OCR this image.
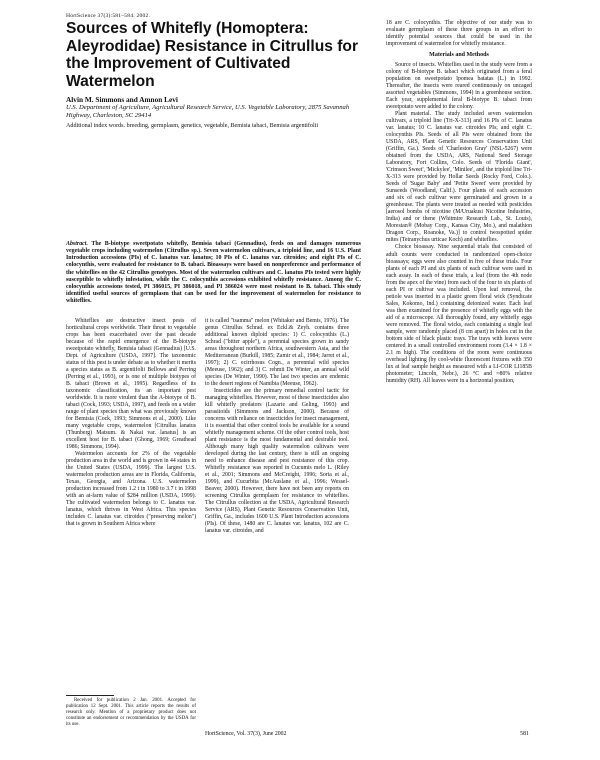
HortScience 37(3):581–584. 2002.
Sources of Whitefly (Homoptera: Aleyrodidae) Resistance in Citrullus for the Improvement of Cultivated Watermelon
Alvin M. Simmons and Amnon Levi
U.S. Department of Agriculture, Agricultural Research Service, U.S. Vegetable Laboratory, 2875 Savannah Highway, Charleston, SC 29414
Additional index words. breeding, germplasm, genetics, vegetable, Bemisia tabaci, Bemisia argentifolii
Abstract. The B-biotype sweetpotato whitefly, Bemisia tabaci (Gennadius), feeds on and damages numerous vegetable crops including watermelon (Citrullus sp.). Seven watermelon cultivars, a triploid line, and 16 U.S. Plant Introduction accessions (PIs) of C. lanatus var. lanatus; 10 PIs of C. lanatus var. citroides; and eight PIs of C. colocynthis, were evaluated for resistance to B. tabaci. Bioassays were based on nonpreference and performance of the whiteflies on the 42 Citrullus genotypes. Most of the watermelon cultivars and C. lanatus PIs tested were highly susceptible to whitefly infestation, while the C. colocynthis accessions exhibited whitefly resistance. Among the C. colocynthis accessions tested, PI 386015, PI 386018, and PI 386024 were most resistant to B. tabaci. This study identified useful sources of germplasm that can be used for the improvement of watermelon for resistance to whiteflies.

Whiteflies are destructive insect pests of horticultural crops worldwide. Their threat to vegetable crops has been exacerbated over the past decade because of the rapid emergence of the B-biotype sweetpotato whitefly, Bemisia tabaci (Gennadius) [U.S. Dept. of Agriculture (USDA, 1997]. The taxonomic status of this pest is under debate as to whether it merits a species status as B. argentifolii Bellows and Perring (Perring et al., 1993), or is one of multiple biotypes of B. tabaci (Brown et al., 1995). Regardless of its taxonomic classification, its an important pest worldwide. It is more virulent than the A-biotype of B. tabaci (Cock, 1993; USDA, 1997), and feeds on a wider range of plant species than what was previously known for Bemisia (Cock, 1993; Simmons et al., 2000). Like many vegetable crops, watermelon [Citrullus lanatus (Thunberg) Matsum. & Nakai var. lanatus] is an excellent host for B. tabaci (Ghong, 1969; Greathead 1986; Simmons, 1994).

Watermelon accounts for 2% of the vegetable production area in the world and is grown in 44 states in the United States (USDA, 1999). The largest U.S. watermelon production areas are in Florida, California, Texas, Georgia, and Arizona. U.S. watermelon production increased from 1.2 t in 1980 to 3.7 t in 1998 with an at-farm value of $284 million (USDA, 1999). The cultivated watermelon belongs to C. lanatus var. lanatus, which thrives in West Africa. This species includes C. lanatus var. citroides ("preserving melon") that is grown in Southern Africa where

Received for publication 2 Jan. 2001. Accepted for publication 12 Sept. 2001. This article reports the results of research only. Mention of a proprietary product does not constitute an endorsement or recommendation by the USDA for its use.

it is called "tsamma" melon (Whitaker and Bemis, 1976). The genus Citrullus Schrad. ex Eckl.& Zeyh. contains three additional known diploid species: 1) C. colocynthis (L.) Schrad ("bitter apple"), a perennial species grown in sandy areas throughout northern Africa, southwestern Asia, and the Mediterranean (Burkill, 1985; Zamir et al., 1984; Jarret et al., 1997); 2) C. ecirrhosus Cogn., a perennial wild species (Meeuse, 1962); and 3) C. rehmii De Winter, an annual wild species (De Winter, 1990). The last two species are endemic to the desert regions of Namibia (Meeuse, 1962).

Insecticides are the primary remedial control tactic for managing whiteflies. However, most of these insecticides also kill whitefly predators (Lazarie and Geling, 1993) and parasitoids (Simmons and Jackson, 2000). Because of concerns with reliance on insecticides for insect management, it is essential that other control tools be available for a sound whitefly management scheme. Of the other control tools, host plant resistance is the most fundamental and desirable tool. Although many high quality watermelon cultivars were developed during the last century, there is still an ongoing need to enhance disease and pest resistance of this crop. Whitefly resistance was reported in Cucumis melo L. (Riley et al., 2001; Simmons and McCreight, 1996; Soria et al., 1999), and Cucurbita (McAuslane et al., 1996; Wessel-Beaver, 2000). However, there have not been any reports on screening Citrullus germplasm for resistance to whiteflies. The Citrullus collection at the USDA, Agricultural Research Service (ARS), Plant Genetic Resources Conservation Unit, Griffin, Ga., includes 1600 U.S. Plant Introduction accessions (PIs). Of these, 1480 are C. lanatus var. lanatus, 102 are C. lanatus var. citroides, and

18 are C. colocynthis. The objective of our study was to evaluate germplasm of these three groups in an effort to identify potential sources that could be used in the improvement of watermelon for whitefly resistance.

Materials and Methods

Source of insects. Whiteflies used in the study were from a colony of B-biotype B. tabaci which originated from a feral population on sweetpotato Ipomea batatas (L.) in 1992. Thereafter, the insects were reared continuously on uncaged assorted vegetables (Simmons, 1994) in a greenhouse section. Each year, supplemental feral B-biotype B. tabaci from sweetpotato were added to the colony.

Plant material. The study included seven watermelon cultivars, a triploid line (Tri-X-313) and 16 PIs of C. lanatus var. lanatus; 10 C. lanatus var. citroides PIs; and eight C. colocynthis PIs. Seeds of all PIs were obtained from the USDA, ARS, Plant Genetic Resources Conservation Unit (Griffin, Ga.). Seeds of 'Charleston Gray' (NSL-5267) were obtained from the USDA, ARS, National Seed Storage Laboratory, Fort Collins, Colo. Seeds of 'Florida Giant', 'Crimson Sweet', 'Mickylee', 'Minilee', and the triploid line Tri-X-313 were provided by Hollar Seeds (Rocky Ford, Colo.). Seeds of 'Sugar Baby' and 'Petite Sweet' were provided by Sunseeds (Woodland, Calif.). Four plants of each accession and six of each cultivar were germinated and grown in a greenhouse. The plants were treated as needed with pesticides [aerosol bombs of nicotine (M/Uruakusi Nicotine Industries, India) and or thene (Whitmire Research Lab., St. Louis), Morestan® (Mobay Corp., Kansas City, Mo.), and malathion Dragon Corp., Roanoke, Va.)] to control twospotted spider mites (Tetranychus urticae Koch) and whiteflies.

Choice bioassay. Nine sequential trials that consisted of adult counts were conducted in randomized open-choice bioassays; eggs were also counted in five of these trials. Four plants of each PI and six plants of each cultivar were used in each assay. In each of these trials, a leaf (from the 4th node from the apex of the vine) from each of the four to six plants of each PI or cultivar was included. Upon leaf removal, the petiole was inserted in a plastic green floral wick (Syndicate Sales, Kokomo, Ind.) containing deionized water. Each leaf was then examined for the presence of whitefly eggs with the aid of a microscope. All thoroughly found, any whitefly eggs were removed. The floral wicks, each containing a single leaf sample, were randomly placed (8 cm apart) in holes cut in the bottom side of black plastic trays. The trays with leaves were centered in a small controlled environment room (3.4 × 1.8 × 2.1 m high). The conditions of the room were continuous overhead lighting (by cool-white fluorescent fixtures with 350 lux at leaf sample height as measured with a LI-COR LI185B photometer; Lincoln, Nebr.), 26 °C and ≈80% relative humidity (RH). All leaves were in a horizontal position,

HortScience, Vol. 37(3), June 2002	581
